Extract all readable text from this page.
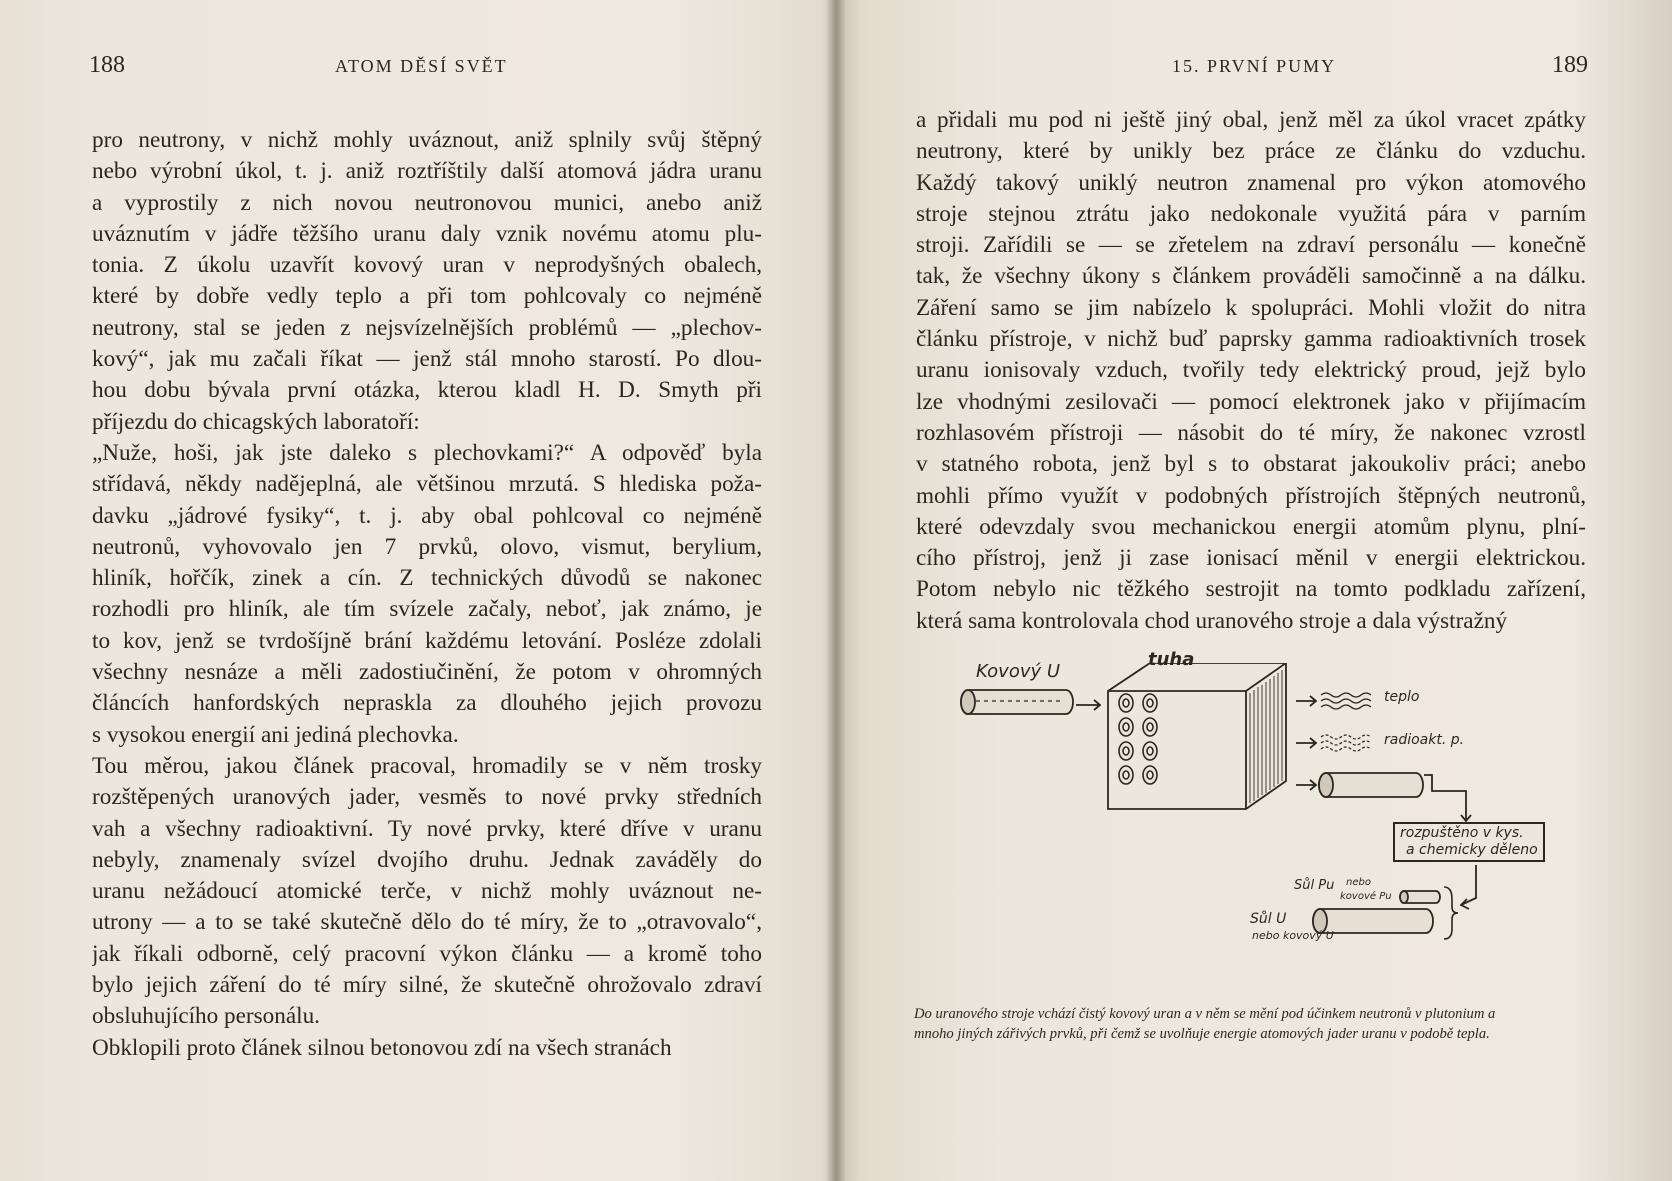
188	ATOM DĚSÍ SVĚT
pro neutrony, v nichž mohly uváznout, aniž splnily svůj štěpný
nebo výrobní úkol, t. j. aniž roztříštily další atomová jádra uranu
a vyprostily z nich novou neutronovou munici, anebo aniž
uváznutím v jádře těžšího uranu daly vznik novému atomu plu-
tonia. Z úkolu uzavřít kovový uran v neprodyšných obalech,
které by dobře vedly teplo a při tom pohlcovaly co nejméně
neutrony, stal se jeden z nejsvízelnějších problémů — „plechov-
kový“, jak mu začali říkat — jenž stál mnoho starostí. Po dlou-
hou dobu bývala první otázka, kterou kladl H. D. Smyth při
příjezdu do chicagských laboratoří:
„Nuže, hoši, jak jste daleko s plechovkami?“ A odpověď byla
střídavá, někdy nadějeplná, ale většinou mrzutá. S hlediska poža-
davku „jádrové fysiky“, t. j. aby obal pohlcoval co nejméně
neutronů, vyhovovalo jen 7 prvků, olovo, vismut, berylium,
hliník, hořčík, zinek a cín. Z technických důvodů se nakonec
rozhodli pro hliník, ale tím svízele začaly, neboť, jak známo, je
to kov, jenž se tvrdošíjně brání každému letování. Posléze zdolali
všechny nesnáze a měli zadostiučinění, že potom v ohromných
článcích hanfordských nepraskla za dlouhého jejich provozu
s vysokou energií ani jediná plechovka.
Tou měrou, jakou článek pracoval, hromadily se v něm trosky
rozštěpených uranových jader, vesměs to nové prvky středních
vah a všechny radioaktivní. Ty nové prvky, které dříve v uranu
nebyly, znamenaly svízel dvojího druhu. Jednak zaváděly do
uranu nežádoucí atomické terče, v nichž mohly uváznout ne-
utrony — a to se také skutečně dělo do té míry, že to „otravovalo“,
jak říkali odborně, celý pracovní výkon článku — a kromě toho
bylo jejich záření do té míry silné, že skutečně ohrožovalo zdraví
obsluhujícího personálu.
Obklopili proto článek silnou betonovou zdí na všech stranách
15. PRVNÍ PUMY	189
a přidali mu pod ni ještě jiný obal, jenž měl za úkol vracet zpátky
neutrony, které by unikly bez práce ze článku do vzduchu.
Každý takový uniklý neutron znamenal pro výkon atomového
stroje stejnou ztrátu jako nedokonale využitá pára v parním
stroji. Zařídili se — se zřetelem na zdraví personálu — konečně
tak, že všechny úkony s článkem prováděli samočinně a na dálku.
Záření samo se jim nabízelo k spolupráci. Mohli vložit do nitra
článku přístroje, v nichž buď paprsky gamma radioaktivních trosek
uranu ionisovaly vzduch, tvořily tedy elektrický proud, jejž bylo
lze vhodnými zesilovači — pomocí elektronek jako v přijímacím
rozhlasovém přístroji — násobit do té míry, že nakonec vzrostl
v statného robota, jenž byl s to obstarat jakoukoliv práci; anebo
mohli přímo využít v podobných přístrojích štěpných neutronů,
které odevzdaly svou mechanickou energii atomům plynu, plní-
cího přístroj, jenž ji zase ionisací měnil v energii elektrickou.
Potom nebylo nic těžkého sestrojit na tomto podkladu zařízení,
která sama kontrolovala chod uranového stroje a dala výstražný
Kovový U
tuha
teplo
radioakt. p.
rozpuštěno v kys.
a chemicky děleno
Sůl Pu nebo
kovové Pu
Sůl U
nebo kovový U
Do uranového stroje vchází čistý kovový uran a v něm se mění pod účinkem neutronů v plutonium a
mnoho jiných zářivých prvků, při čemž se uvolňuje energie atomových jader uranu v podobě tepla.
